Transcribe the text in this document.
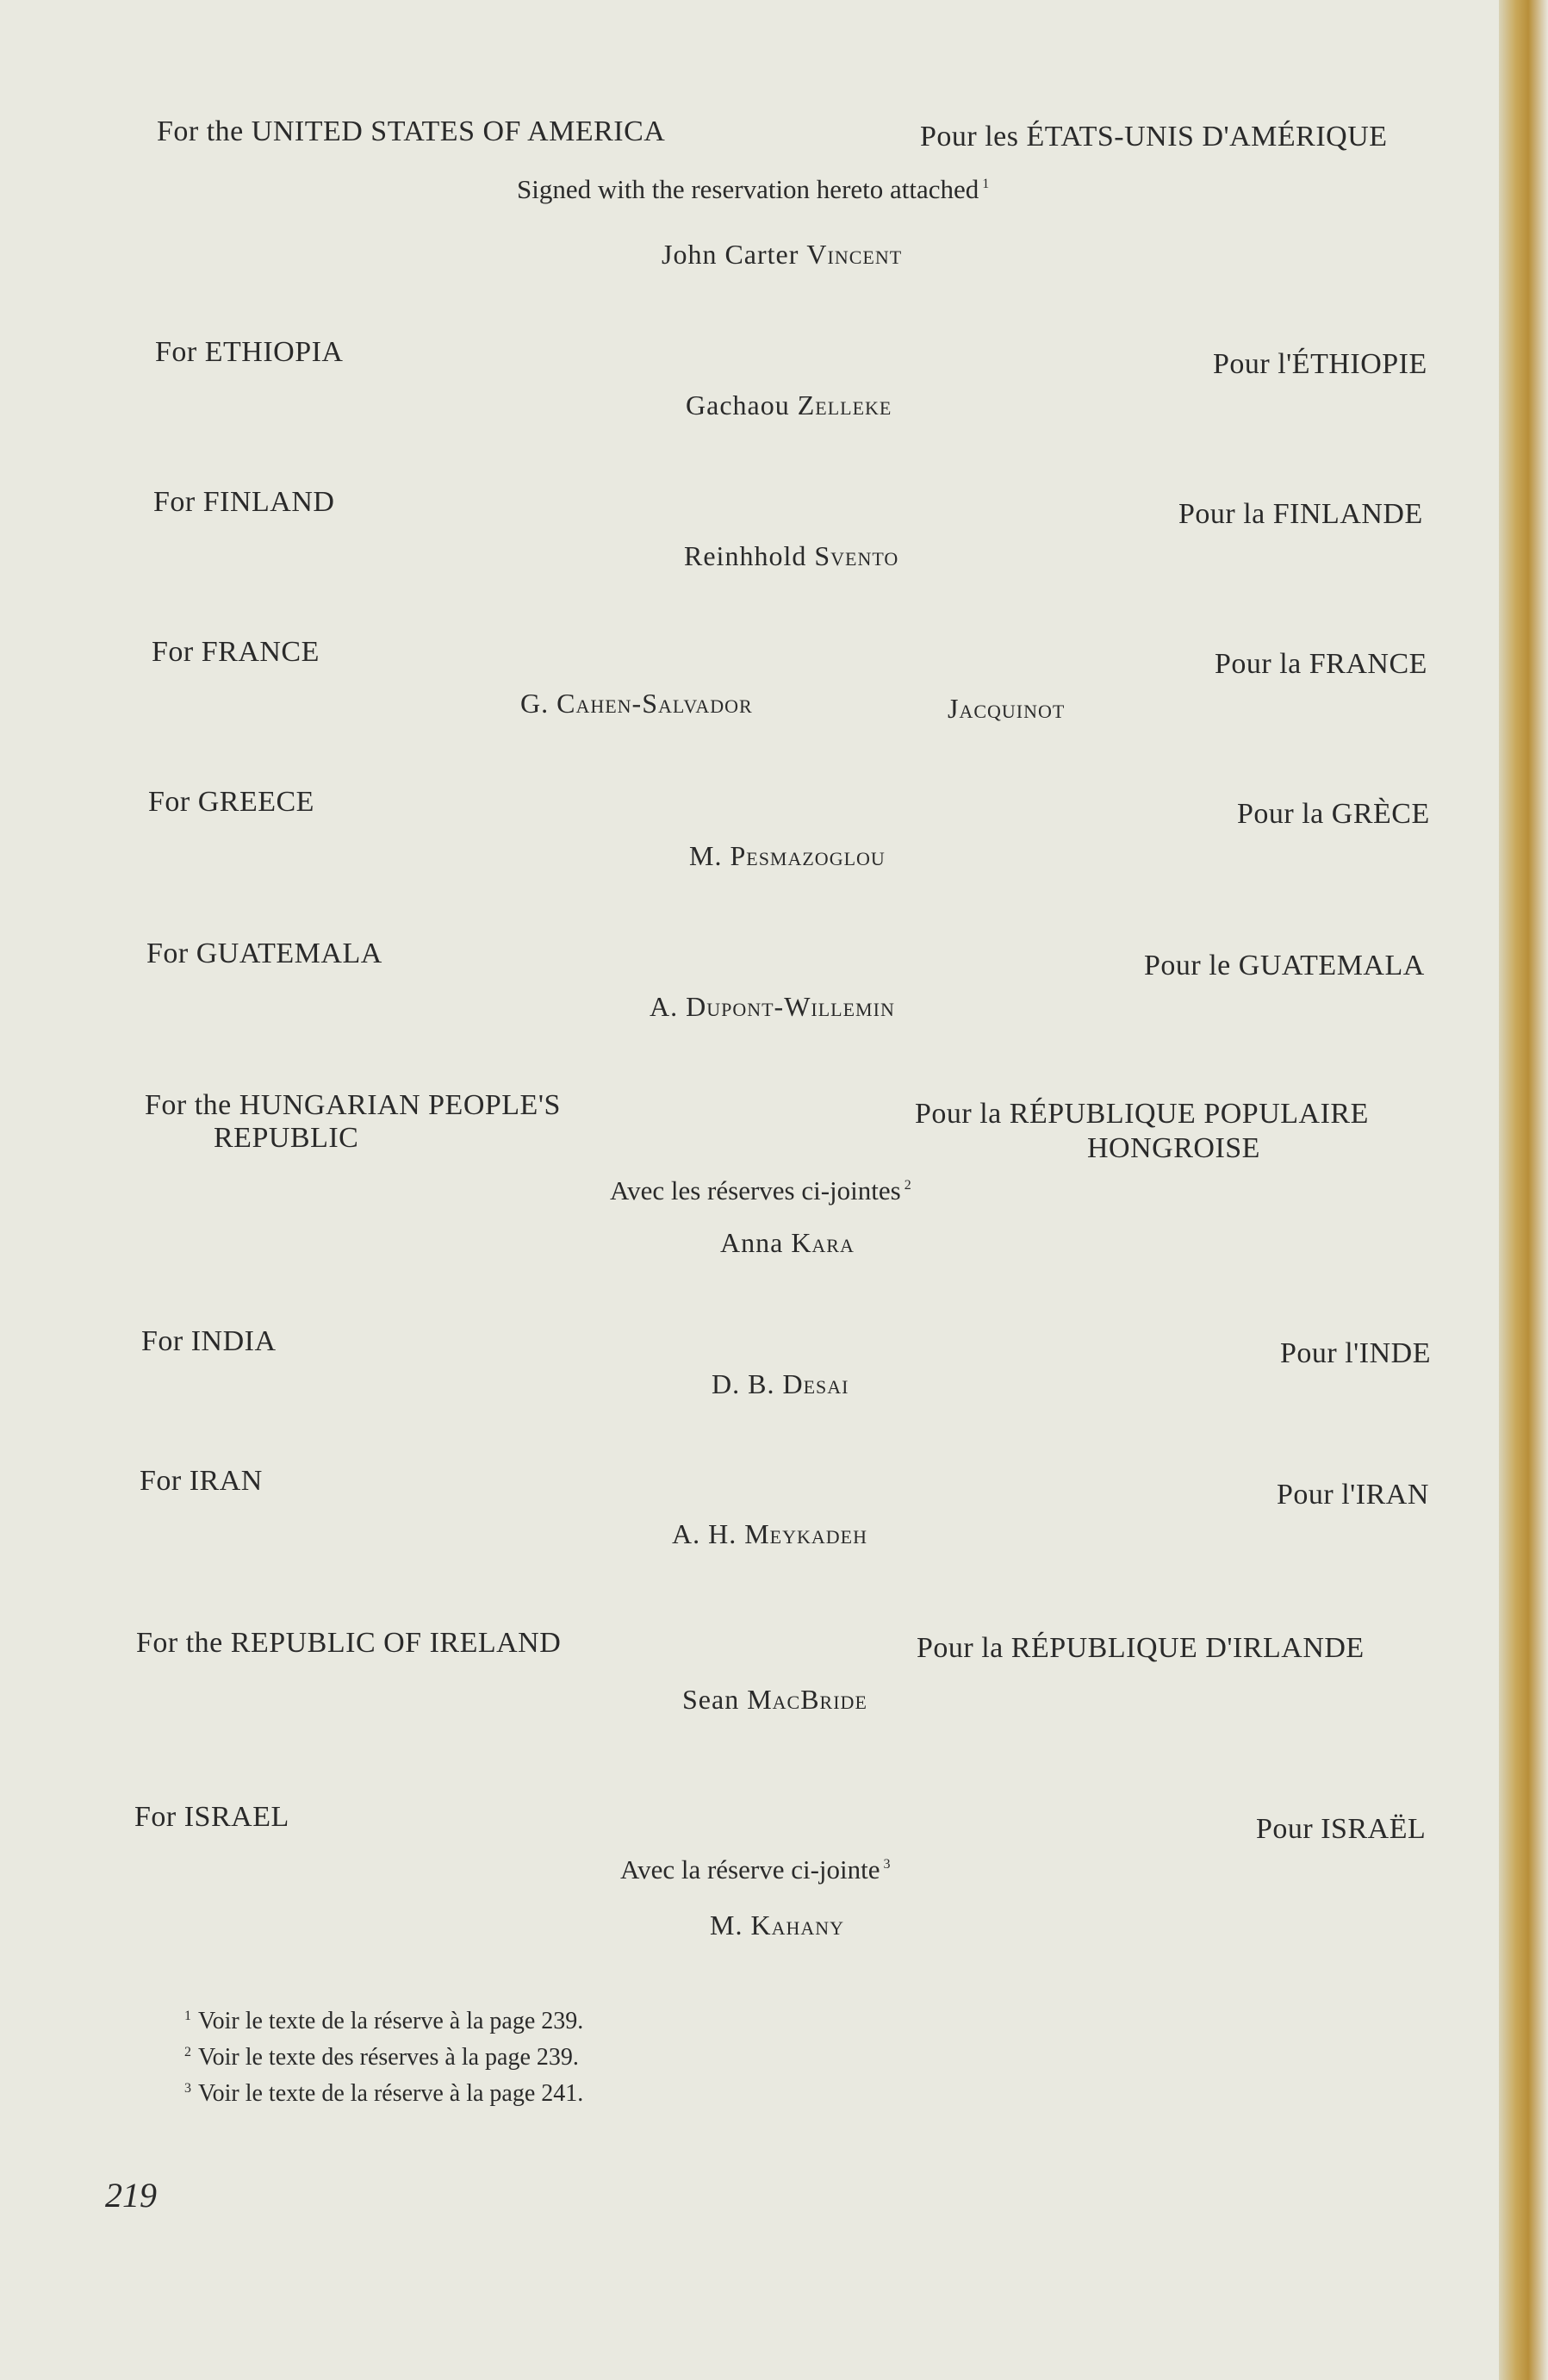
For the UNITED STATES OF AMERICA	Pour les ÉTATS-UNIS D'AMÉRIQUE
Signed with the reservation hereto attached $^1$
John Carter Vincent
For ETHIOPIA	Pour l'ÉTHIOPIE
Gachaou Zelleke
For FINLAND	Pour la FINLANDE
Reinhhold Svento
For FRANCE	Pour la FRANCE
G. Cahen-Salvador	Jacquinot
For GREECE	Pour la GRÈCE
M. Pesmazoglou
For GUATEMALA	Pour le GUATEMALA
A. Dupont-Willemin
For the HUNGARIAN PEOPLE'S
REPUBLIC
Pour la RÉPUBLIQUE POPULAIRE
HONGROISE
Avec les réserves ci-jointes $^2$
Anna Kara
For INDIA	Pour l'INDE
D. B. Desai
For IRAN	Pour l'IRAN
A. H. Meykadeh
For the REPUBLIC OF IRELAND	Pour la RÉPUBLIQUE D'IRLANDE
Sean MacBride
For ISRAEL	Pour ISRAËL
Avec la réserve ci-jointe $^3$
M. Kahany
$^1$ Voir le texte de la réserve à la page 239.
$^2$ Voir le texte des réserves à la page 239.
$^3$ Voir le texte de la réserve à la page 241.
219
